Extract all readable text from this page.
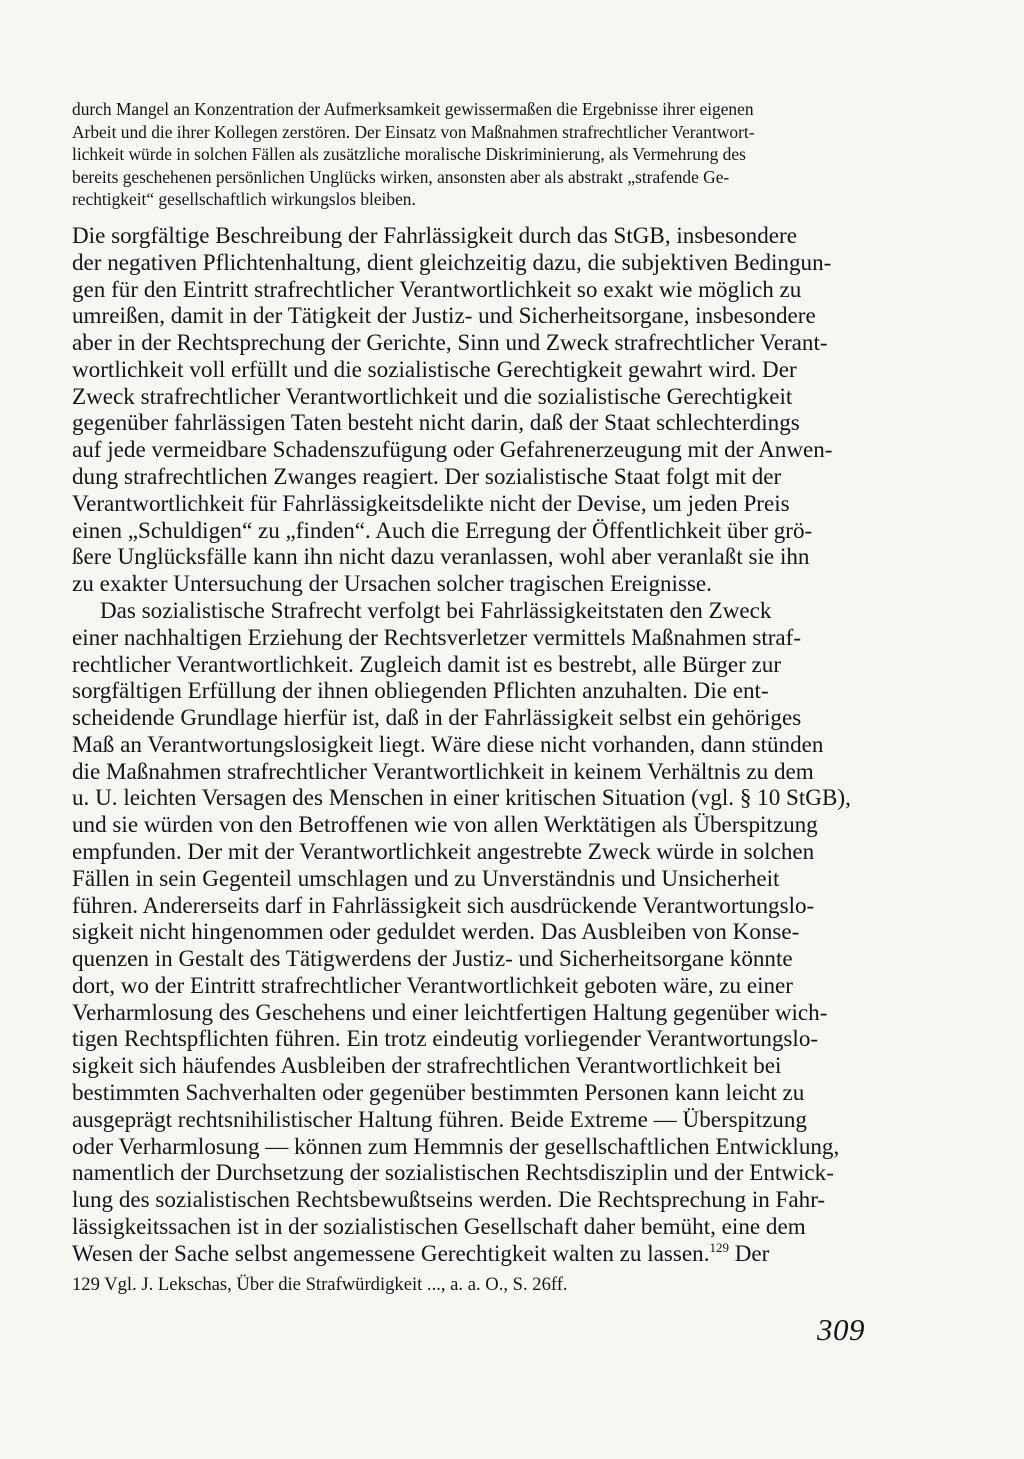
durch Mangel an Konzentration der Aufmerksamkeit gewissermaßen die Ergebnisse ihrer eigenen
Arbeit und die ihrer Kollegen zerstören. Der Einsatz von Maßnahmen strafrechtlicher Verantwort-
lichkeit würde in solchen Fällen als zusätzliche moralische Diskriminierung, als Vermehrung des
bereits geschehenen persönlichen Unglücks wirken, ansonsten aber als abstrakt „strafende Ge-
rechtigkeit“ gesellschaftlich wirkungslos bleiben.
Die sorgfältige Beschreibung der Fahrlässigkeit durch das StGB, insbesondere
der negativen Pflichtenhaltung, dient gleichzeitig dazu, die subjektiven Bedingun-
gen für den Eintritt strafrechtlicher Verantwortlichkeit so exakt wie möglich zu
umreißen, damit in der Tätigkeit der Justiz- und Sicherheitsorgane, insbesondere
aber in der Rechtsprechung der Gerichte, Sinn und Zweck strafrechtlicher Verant-
wortlichkeit voll erfüllt und die sozialistische Gerechtigkeit gewahrt wird. Der
Zweck strafrechtlicher Verantwortlichkeit und die sozialistische Gerechtigkeit
gegenüber fahrlässigen Taten besteht nicht darin, daß der Staat schlechterdings
auf jede vermeidbare Schadenszufügung oder Gefahrenerzeugung mit der Anwen-
dung strafrechtlichen Zwanges reagiert. Der sozialistische Staat folgt mit der
Verantwortlichkeit für Fahrlässigkeitsdelikte nicht der Devise, um jeden Preis
einen „Schuldigen“ zu „finden“. Auch die Erregung der Öffentlichkeit über grö-
ßere Unglücksfälle kann ihn nicht dazu veranlassen, wohl aber veranlaßt sie ihn
zu exakter Untersuchung der Ursachen solcher tragischen Ereignisse.
Das sozialistische Strafrecht verfolgt bei Fahrlässigkeitstaten den Zweck
einer nachhaltigen Erziehung der Rechtsverletzer vermittels Maßnahmen straf-
rechtlicher Verantwortlichkeit. Zugleich damit ist es bestrebt, alle Bürger zur
sorgfältigen Erfüllung der ihnen obliegenden Pflichten anzuhalten. Die ent-
scheidende Grundlage hierfür ist, daß in der Fahrlässigkeit selbst ein gehöriges
Maß an Verantwortungslosigkeit liegt. Wäre diese nicht vorhanden, dann stünden
die Maßnahmen strafrechtlicher Verantwortlichkeit in keinem Verhältnis zu dem
u. U. leichten Versagen des Menschen in einer kritischen Situation (vgl. § 10 StGB),
und sie würden von den Betroffenen wie von allen Werktätigen als Überspitzung
empfunden. Der mit der Verantwortlichkeit angestrebte Zweck würde in solchen
Fällen in sein Gegenteil umschlagen und zu Unverständnis und Unsicherheit
führen. Andererseits darf in Fahrlässigkeit sich ausdrückende Verantwortungslo-
sigkeit nicht hingenommen oder geduldet werden. Das Ausbleiben von Konse-
quenzen in Gestalt des Tätigwerdens der Justiz- und Sicherheitsorgane könnte
dort, wo der Eintritt strafrechtlicher Verantwortlichkeit geboten wäre, zu einer
Verharmlosung des Geschehens und einer leichtfertigen Haltung gegenüber wich-
tigen Rechtspflichten führen. Ein trotz eindeutig vorliegender Verantwortungslo-
sigkeit sich häufendes Ausbleiben der strafrechtlichen Verantwortlichkeit bei
bestimmten Sachverhalten oder gegenüber bestimmten Personen kann leicht zu
ausgeprägt rechtsnihilistischer Haltung führen. Beide Extreme — Überspitzung
oder Verharmlosung — können zum Hemmnis der gesellschaftlichen Entwicklung,
namentlich der Durchsetzung der sozialistischen Rechtsdisziplin und der Entwick-
lung des sozialistischen Rechtsbewußtseins werden. Die Rechtsprechung in Fahr-
lässigkeitssachen ist in der sozialistischen Gesellschaft daher bemüht, eine dem
Wesen der Sache selbst angemessene Gerechtigkeit walten zu lassen.$^{129}$ Der
129 Vgl. J. Lekschas, Über die Strafwürdigkeit ..., a. a. O., S. 26ff.
309
